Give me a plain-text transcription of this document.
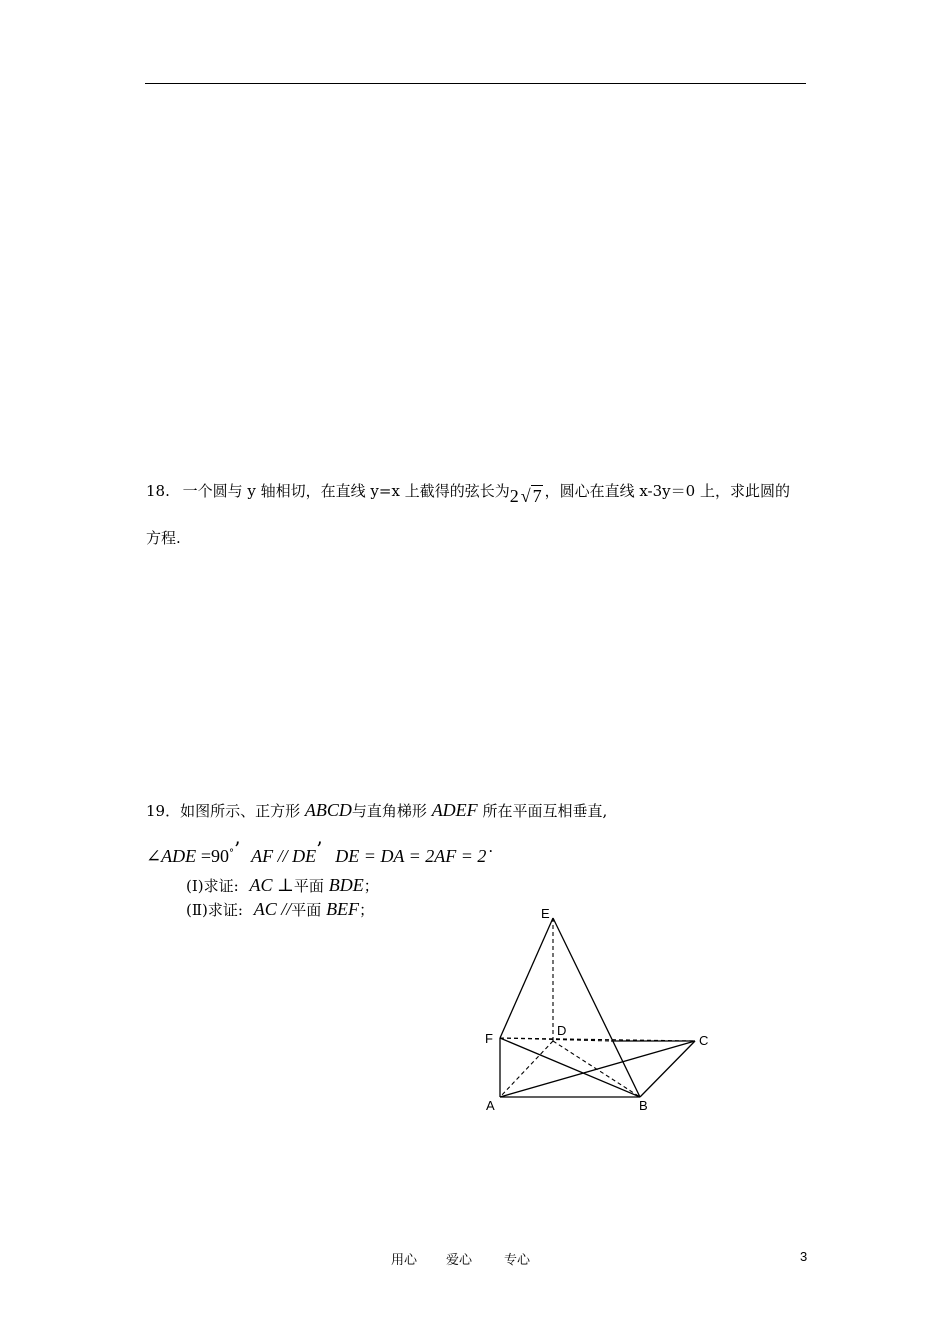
18. 一个圆与 y 轴相切，在直线 y=x 上截得的弦长为2 √ 7 ，圆心在直线 x-3y＝0 上，求此圆的
方程.
19．如图所示、正方形 ABCD与直角梯形 ADEF 所在平面互相垂直,
∠ADE =90°’ AF // DE’ DE = DA = 2AF = 2 ·
(Ⅰ)求证: AC ⊥平面 BDE；
(Ⅱ)求证: AC //平面 BEF；	E
D
F	C
A	B
用心 爱心 专心	3
